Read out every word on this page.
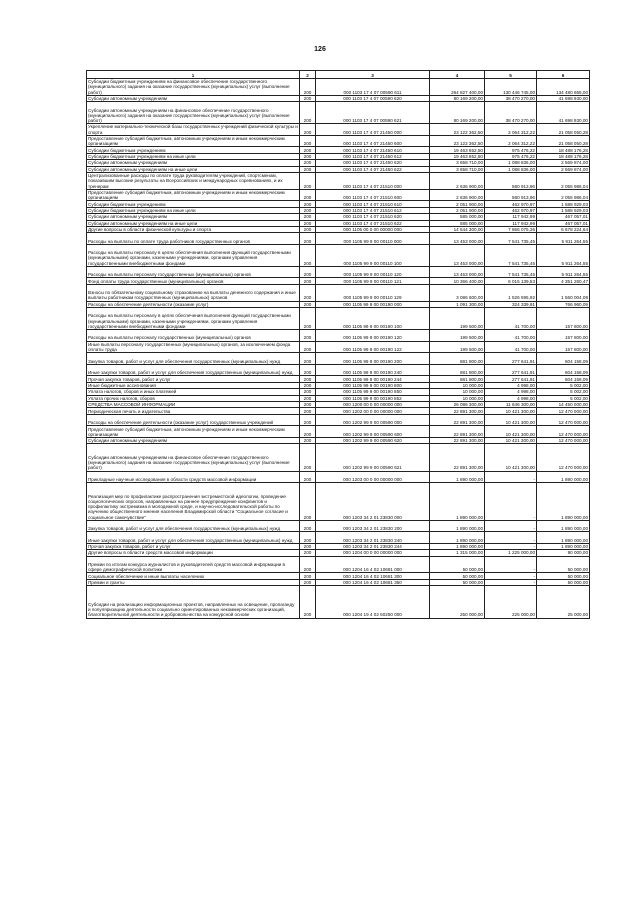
126
1	2	3	4	5	6
Субсидии бюджетным учреждениям на финансовое обеспечение государственного (муниципального) задания на оказание государственных (муниципальных) услуг (выполнение работ)	200	000 1103 17 4 07 00590 611	264 827 400,00	130 446 745,00	134 480 655,00
Субсидии автономным учреждениям	200	000 1103 17 4 07 00590 620	80 169 200,00	38 470 270,00	41 698 930,00
Субсидии автономным учреждениям на финансовое обеспечение государственного (муниципального) задания на оказание государственных (муниципальных) услуг (выполнение работ)	200	000 1103 17 4 07 00590 621	80 169 200,00	38 470 270,00	41 698 930,00
Укрепление материально-технической базы государственных учреждений физической культуры и спорта	200	000 1103 17 4 07 21450 000	23 122 362,50	2 064 312,22	21 058 050,28
Предоставление субсидий бюджетным, автономным учреждениям и иным некоммерческим организациям	200	000 1103 17 4 07 21450 600	23 122 362,50	2 064 312,22	21 058 050,28
Субсидии бюджетным учреждениям	200	000 1103 17 4 07 21450 610	19 463 652,50	975 476,22	18 488 176,28
Субсидии бюджетным учреждениям на иные цели	200	000 1103 17 4 07 21450 612	19 463 652,50	975 476,22	18 488 176,28
Субсидии автономным учреждениям	200	000 1103 17 4 07 21450 620	3 658 710,00	1 088 836,00	2 569 874,00
Субсидии автономным учреждениям на иные цели	200	000 1103 17 4 07 21450 622	3 658 710,00	1 088 836,00	2 569 874,00
Централизованные расходы по оплате труда руководителям учреждений, спортсменам, показавшим высокие результаты на Всероссийских и международных соревнованиях, и их тренерам	200	000 1103 17 4 07 21510 000	2 636 900,00	580 913,96	2 055 986,04
Предоставление субсидий бюджетным, автономным учреждениям и иным некоммерческим организациям	200	000 1103 17 4 07 21510 600	2 636 900,00	580 913,96	2 055 986,04
Субсидии бюджетным учреждениям	200	000 1103 17 4 07 21510 610	2 051 900,00	462 970,97	1 588 929,03
Субсидии бюджетным учреждениям на иные цели	200	000 1103 17 4 07 21510 612	2 051 900,00	462 970,97	1 588 929,03
Субсидии автономным учреждениям	200	000 1103 17 4 07 21510 620	585 000,00	117 942,99	467 057,01
Субсидии автономным учреждениям на иные цели	200	000 1103 17 4 07 21510 622	585 000,00	117 942,99	467 057,01
Другие вопросы в области физической культуры и спорта	200	000 1105 00 0 00 00000 000	14 544 300,00	7 866 075,36	6 678 224,64
Расходы на выплаты по оплате труда работников государственных органов	200	000 1105 99 9 00 00110 000	13 453 000,00	7 541 735,45	5 911 264,55
Расходы на выплаты персоналу в целях обеспечения выполнения функций государственными (муниципальными) органами, казенными учреждениями, органами управления государственными внебюджетными фондами	200	000 1105 99 9 00 00110 100	13 453 000,00	7 541 735,45	5 911 264,55
Расходы на выплаты персоналу государственных (муниципальных) органов	200	000 1105 99 9 00 00110 120	13 453 000,00	7 541 735,45	5 911 264,55
Фонд оплаты труда государственных (муниципальных) органов	200	000 1105 99 9 00 00110 121	10 366 400,00	6 015 139,53	4 351 260,47
Взносы по обязательному социальному страхованию на выплаты денежного содержания и иные выплаты работникам государственных (муниципальных) органов	200	000 1105 99 9 00 00110 129	3 086 600,00	1 526 595,92	1 560 004,08
Расходы на обеспечение деятельности (оказание услуг)	200	000 1105 99 9 00 00190 000	1 091 300,00	324 339,91	766 960,09
Расходы на выплаты персоналу в целях обеспечения выполнения функций государственными (муниципальными) органами, казенными учреждениями, органами управления государственными внебюджетными фондами	200	000 1105 99 9 00 00190 100	199 500,00	41 700,00	157 800,00
Расходы на выплаты персоналу государственных (муниципальных) органов	200	000 1105 99 9 00 00190 120	199 500,00	41 700,00	157 800,00
Иные выплаты персоналу государственных (муниципальных) органов, за исключением фонда оплаты труда	200	000 1105 99 9 00 00190 122	199 500,00	41 700,00	157 800,00
Закупка товаров, работ и услуг для обеспечения государственных (муниципальных) нужд	200	000 1105 99 9 00 00190 200	881 800,00	277 641,91	604 158,09
Иные закупки товаров, работ и услуг для обеспечения государственных (муниципальных) нужд	200	000 1105 99 9 00 00190 240	881 800,00	277 641,91	604 158,09
Прочая закупка товаров, работ и услуг	200	000 1105 99 9 00 00190 244	881 800,00	277 641,91	604 158,09
Иные бюджетные ассигнования	200	000 1105 99 9 00 00190 800	10 000,00	4 998,00	5 002,00
Уплата налогов, сборов и иных платежей	200	000 1105 99 9 00 00190 850	10 000,00	4 998,00	5 002,00
Уплата прочих налогов, сборов	200	000 1105 99 9 00 00190 852	10 000,00	4 998,00	5 002,00
СРЕДСТВА МАССОВОЙ ИНФОРМАЦИИ	200	000 1200 00 0 00 00000 000	26 096 300,00	11 646 300,00	14 450 000,00
Периодическая печать и издательства	200	000 1202 00 0 00 00000 000	22 891 300,00	10 421 300,00	12 470 000,00
Расходы на обеспечение деятельности (оказание услуг) государственных учреждений	200	000 1202 99 9 00 00590 000	22 891 300,00	10 421 300,00	12 470 000,00
Предоставление субсидий бюджетным, автономным учреждениям и иным некоммерческим организациям	200	000 1202 99 9 00 00590 600	22 891 300,00	10 421 300,00	12 470 000,00
Субсидии автономным учреждениям	200	000 1202 99 9 00 00590 620	22 891 300,00	10 421 300,00	12 470 000,00
Субсидии автономным учреждениям на финансовое обеспечение государственного (муниципального) задания на оказание государственных (муниципальных) услуг (выполнение работ)	200	000 1202 99 9 00 00590 621	22 891 300,00	10 421 300,00	12 470 000,00
Прикладные научные исследования в области средств массовой информации	200	000 1203 00 0 00 00000 000	1 890 000,00	-	1 890 000,00
Реализация мер по профилактике распространения экстремистской идеологии, проведение социологических опросов, направленных на раннее предупреждение конфликтов и профилактику экстремизма в молодежной среде, и научно-исследовательской работы по изучению общественного мнения населения Владимирской области "Социальное согласие и социальное самочувствие"	200	000 1203 34 2 01 23830 000	1 890 000,00	-	1 890 000,00
Закупка товаров, работ и услуг для обеспечения государственных (муниципальных) нужд	200	000 1203 34 2 01 23830 200	1 890 000,00	-	1 890 000,00
Иные закупки товаров, работ и услуг для обеспечения государственных (муниципальных) нужд	200	000 1203 34 2 01 23830 240	1 890 000,00	-	1 890 000,00
Прочая закупка товаров, работ и услуг	200	000 1203 34 2 01 23830 244	1 890 000,00	-	1 890 000,00
Другие вопросы в области средств массовой информации	200	000 1204 00 0 00 00000 000	1 315 000,00	1 225 000,00	90 000,00
Премии по итогам конкурса журналистов и руководителей средств массовой информации в сфере демографической политики	200	000 1204 16 4 02 10681 000	50 000,00	-	50 000,00
Социальное обеспечение и иные выплаты населению	200	000 1204 16 4 02 10681 300	50 000,00	-	50 000,00
Премии и гранты	200	000 1204 16 4 02 10681 350	50 000,00	-	50 000,00
Субсидии на реализацию информационных проектов, направленных на освещение, пропаганду и популяризацию деятельности социально ориентированных некоммерческих организаций, благотворительной деятельности и добровольчества на конкурсной основе	200	000 1204 19 4 02 60250 000	250 000,00	225 000,00	25 000,00
